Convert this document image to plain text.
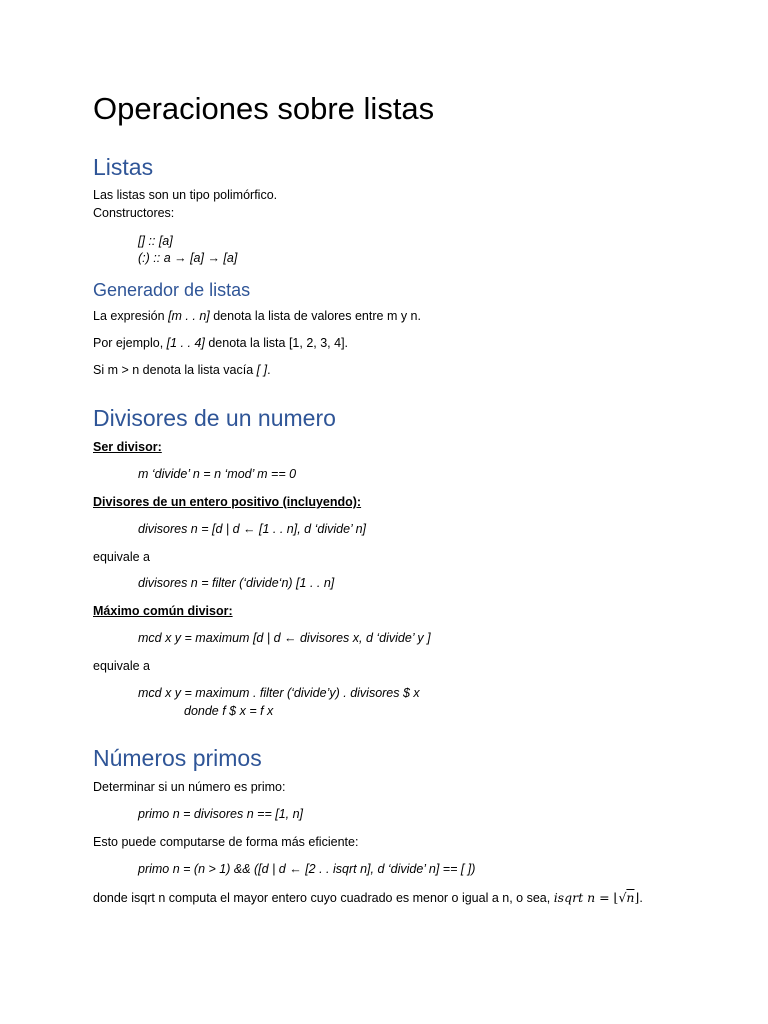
Operaciones sobre listas
Listas
Las listas son un tipo polimórfico.
Constructores:
[] :: [a]
(:) :: a → [a] → [a]
Generador de listas
La expresión [m . . n] denota la lista de valores entre m y n.
Por ejemplo, [1 . . 4] denota la lista [1, 2, 3, 4].
Si m > n denota la lista vacía [ ].
Divisores de un numero
Ser divisor:
m ‘divide’ n = n ‘mod’ m == 0
Divisores de un entero positivo (incluyendo):
divisores n = [d | d ← [1 . . n], d ‘divide’ n]
equivale a
divisores n = filter (‘divide‘n) [1 . . n]
Máximo común divisor:
mcd x y = maximum [d | d ← divisores x, d ‘divide’ y ]
equivale a
mcd x y = maximum . filter (‘divide’y) . divisores $ x
donde f $ x = f x
Números primos
Determinar si un número es primo:
primo n = divisores n == [1, n]
Esto puede computarse de forma más eficiente:
primo n = (n > 1) && ([d | d ← [2 . . isqrt n], d ‘divide’ n] == [ ])
donde isqrt n computa el mayor entero cuyo cuadrado es menor o igual a n, o sea, isqrt n = ⌊√n⌋.
